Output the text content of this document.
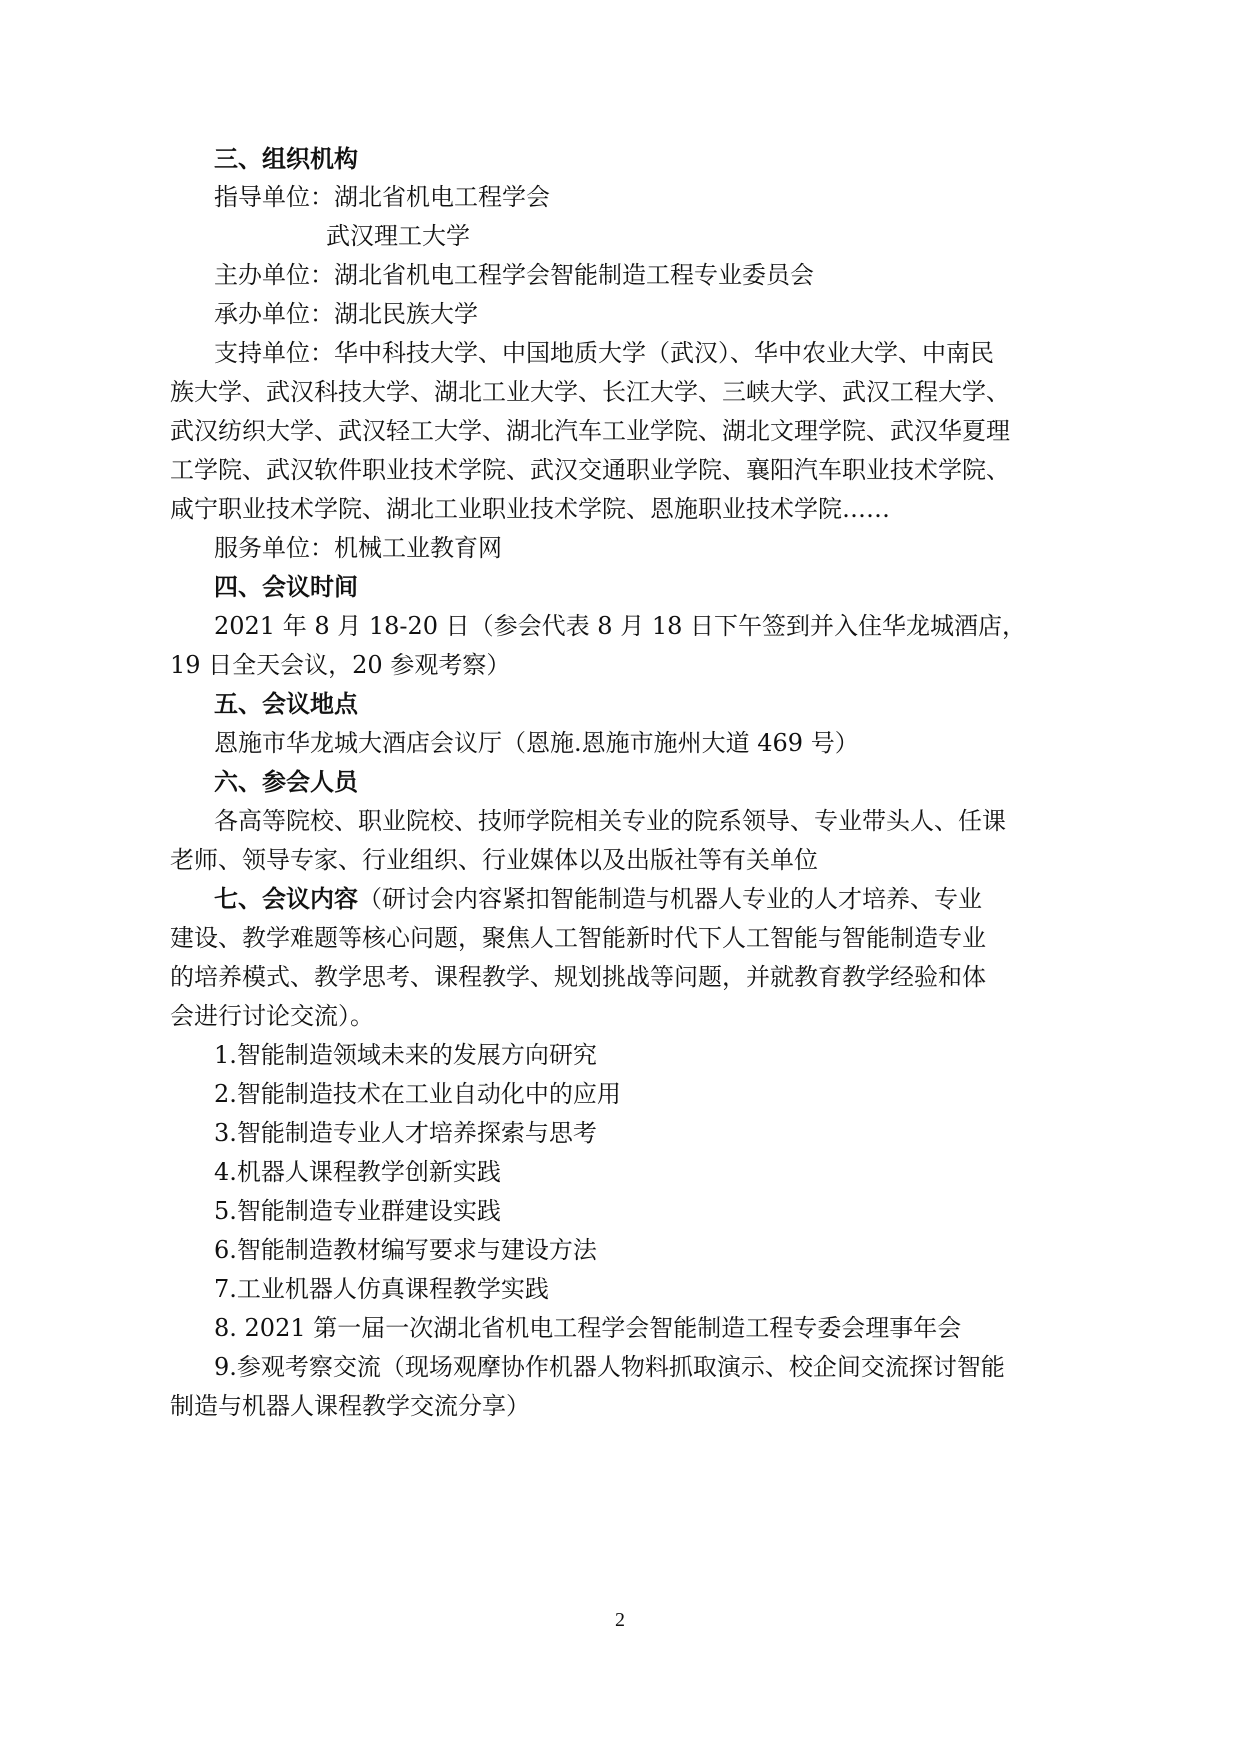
三、组织机构
指导单位：湖北省机电工程学会
武汉理工大学
主办单位：湖北省机电工程学会智能制造工程专业委员会
承办单位：湖北民族大学
支持单位：华中科技大学、中国地质大学（武汉）、华中农业大学、中南民
族大学、武汉科技大学、湖北工业大学、长江大学、三峡大学、武汉工程大学、
武汉纺织大学、武汉轻工大学、湖北汽车工业学院、湖北文理学院、武汉华夏理
工学院、武汉软件职业技术学院、武汉交通职业学院、襄阳汽车职业技术学院、
咸宁职业技术学院、湖北工业职业技术学院、恩施职业技术学院……
服务单位：机械工业教育网
四、会议时间
2021 年 8 月 18-20 日（参会代表 8 月 18 日下午签到并入住华龙城酒店，
19 日全天会议，20 参观考察）
五、会议地点
恩施市华龙城大酒店会议厅（恩施.恩施市施州大道 469 号）
六、参会人员
各高等院校、职业院校、技师学院相关专业的院系领导、专业带头人、任课
老师、领导专家、行业组织、行业媒体以及出版社等有关单位
七、会议内容 （研讨会内容紧扣智能制造与机器人专业的人才培养、专业
建设、教学难题等核心问题，聚焦人工智能新时代下人工智能与智能制造专业
的培养模式、教学思考、课程教学、规划挑战等问题，并就教育教学经验和体
会进行讨论交流）。
1.智能制造领域未来的发展方向研究
2.智能制造技术在工业自动化中的应用
3.智能制造专业人才培养探索与思考
4.机器人课程教学创新实践
5.智能制造专业群建设实践
6.智能制造教材编写要求与建设方法
7.工业机器人仿真课程教学实践
8. 2021 第一届一次湖北省机电工程学会智能制造工程专委会理事年会
9.参观考察交流（现场观摩协作机器人物料抓取演示、校企间交流探讨智能
制造与机器人课程教学交流分享）
2
